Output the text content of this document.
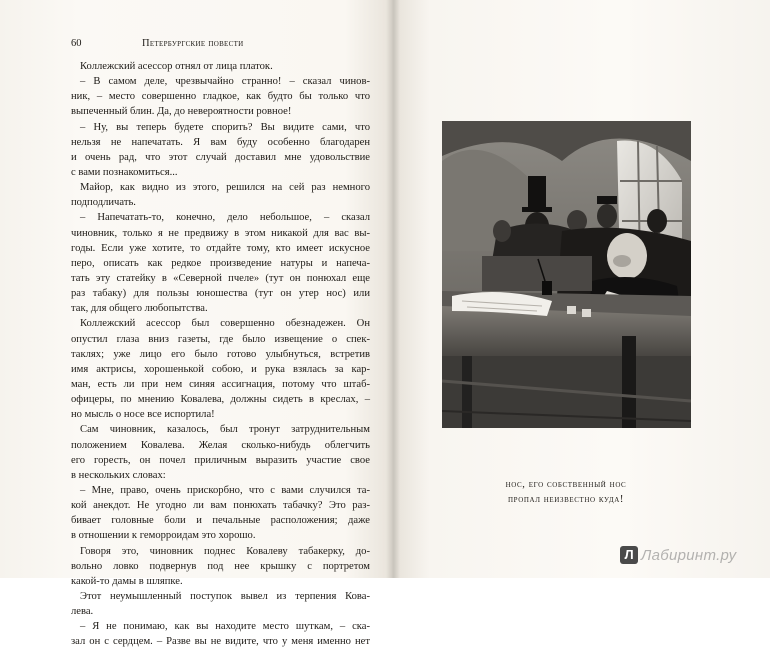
60	Петербургские повести
Коллежский асессор отнял от лица платок.
– В самом деле, чрезвычайно странно! – сказал чинов-
ник, – место совершенно гладкое, как будто бы только что
выпеченный блин. Да, до невероятности ровное!
– Ну, вы теперь будете спорить? Вы видите сами, что
нельзя не напечатать. Я вам буду особенно благодарен
и очень рад, что этот случай доставил мне удовольствие
с вами познакомиться...
Майор, как видно из этого, решился на сей раз немного
подподличать.
– Напечатать-то, конечно, дело небольшое, – сказал
чиновник, только я не предвижу в этом никакой для вас вы-
годы. Если уже хотите, то отдайте тому, кто имеет искусное
перо, описать как редкое произведение натуры и напеча-
тать эту статейку в «Северной пчеле» (тут он понюхал еще
раз табаку) для пользы юношества (тут он утер нос) или
так, для общего любопытства.
Коллежский асессор был совершенно обезнадежен. Он
опустил глаза вниз газеты, где было извещение о спек-
таклях; уже лицо его было готово улыбнуться, встретив
имя актрисы, хорошенькой собою, и рука взялась за кар-
ман, есть ли при нем синяя ассигнация, потому что штаб-
офицеры, по мнению Ковалева, должны сидеть в креслах, –
но мысль о носе все испортила!
Сам чиновник, казалось, был тронут затруднительным
положением Ковалева. Желая сколько-нибудь облегчить
его горесть, он почел приличным выразить участие свое
в нескольких словах:
– Мне, право, очень прискорбно, что с вами случился та-
кой анекдот. Не угодно ли вам понюхать табачку? Это раз-
бивает головные боли и печальные расположения; даже
в отношении к геморроидам это хорошо.
Говоря это, чиновник поднес Ковалеву табакерку, до-
вольно ловко подвернув под нее крышку с портретом
какой-то дамы в шляпке.
Этот неумышленный поступок вывел из терпения Кова-
лева.
– Я не понимаю, как вы находите место шуткам, – ска-
зал он с сердцем. – Разве вы не видите, что у меня именно нет
нос, его собственный нос
пропал неизвестно куда!
Л Лабиринт.ру
